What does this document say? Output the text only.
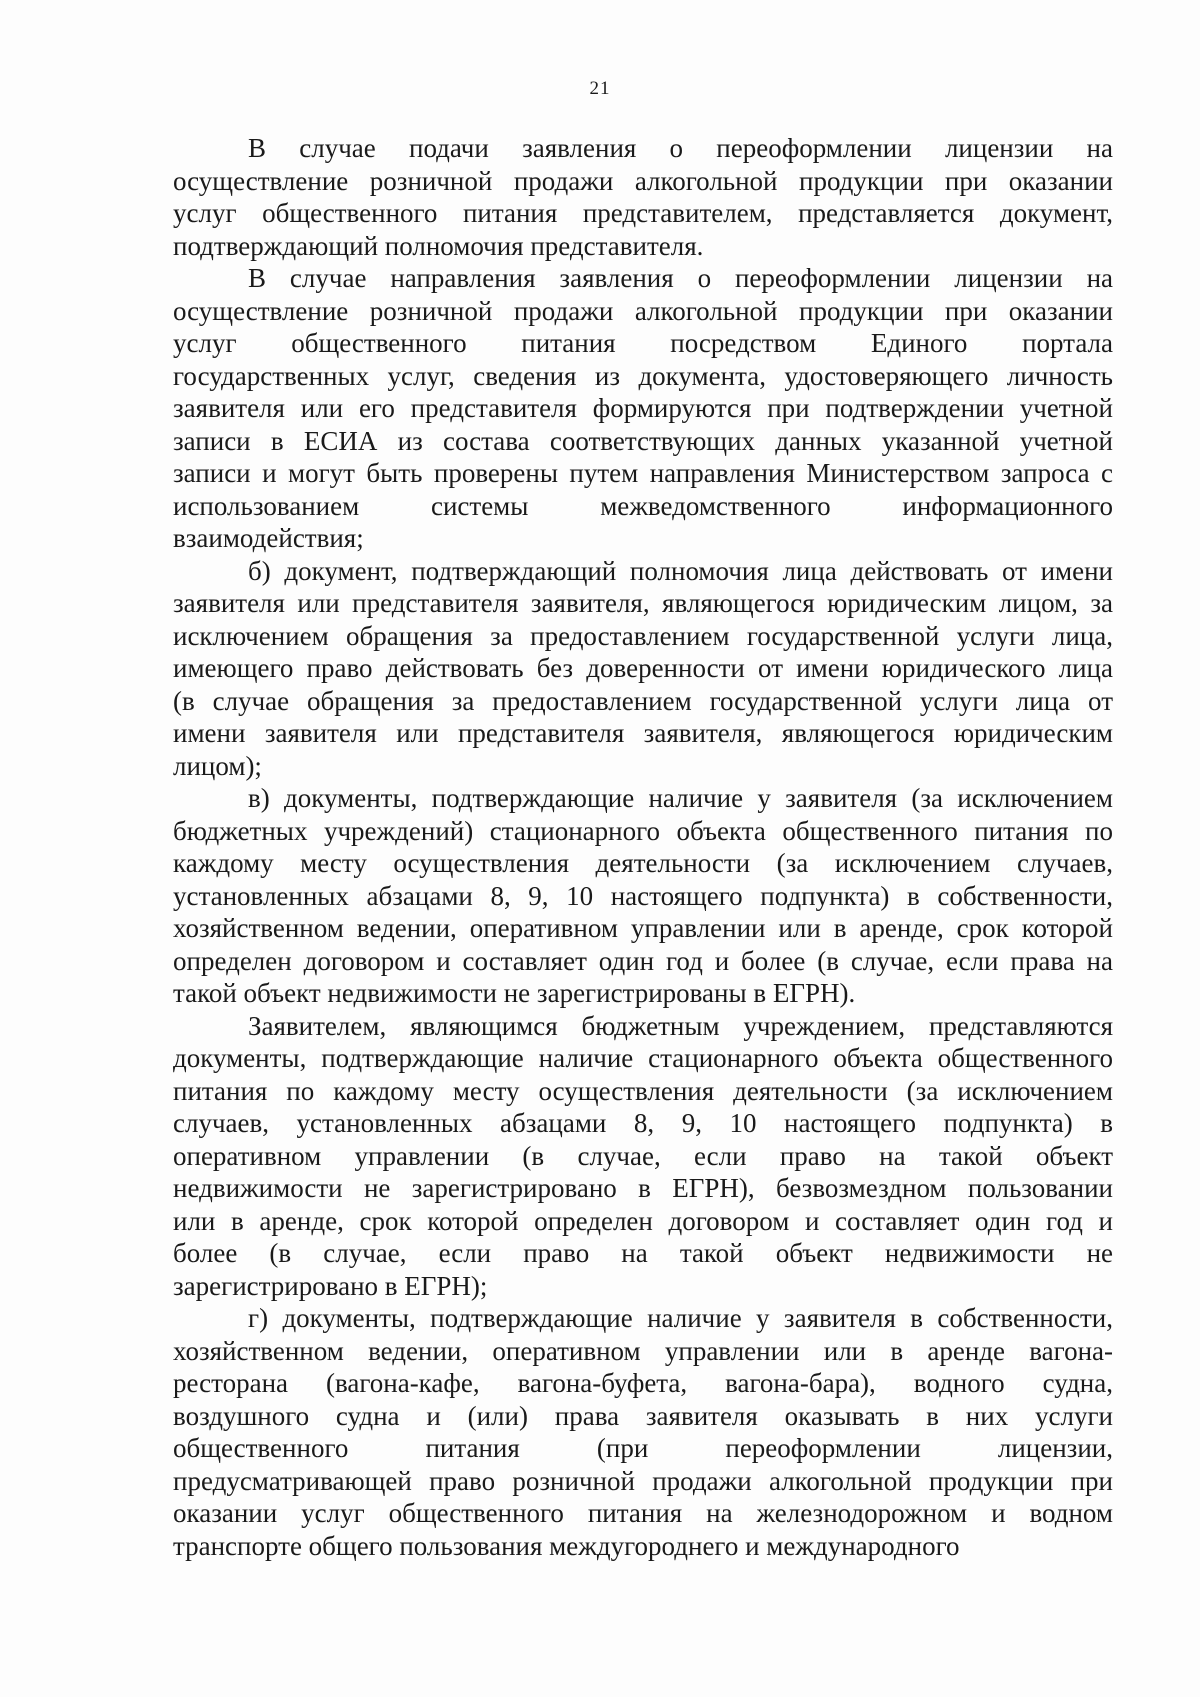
21
В случае подачи заявления о переоформлении лицензии на
осуществление розничной продажи алкогольной продукции при оказании
услуг общественного питания представителем, представляется документ,
подтверждающий полномочия представителя.
В случае направления заявления о переоформлении лицензии на
осуществление розничной продажи алкогольной продукции при оказании
услуг общественного питания посредством Единого портала
государственных услуг, сведения из документа, удостоверяющего личность
заявителя или его представителя формируются при подтверждении учетной
записи в ЕСИА из состава соответствующих данных указанной учетной
записи и могут быть проверены путем направления Министерством запроса с
использованием системы межведомственного информационного
взаимодействия;
б) документ, подтверждающий полномочия лица действовать от имени
заявителя или представителя заявителя, являющегося юридическим лицом, за
исключением обращения за предоставлением государственной услуги лица,
имеющего право действовать без доверенности от имени юридического лица
(в случае обращения за предоставлением государственной услуги лица от
имени заявителя или представителя заявителя, являющегося юридическим
лицом);
в) документы, подтверждающие наличие у заявителя (за исключением
бюджетных учреждений) стационарного объекта общественного питания по
каждому месту осуществления деятельности (за исключением случаев,
установленных абзацами 8, 9, 10 настоящего подпункта) в собственности,
хозяйственном ведении, оперативном управлении или в аренде, срок которой
определен договором и составляет один год и более (в случае, если права на
такой объект недвижимости не зарегистрированы в ЕГРН).
Заявителем, являющимся бюджетным учреждением, представляются
документы, подтверждающие наличие стационарного объекта общественного
питания по каждому месту осуществления деятельности (за исключением
случаев, установленных абзацами 8, 9, 10 настоящего подпункта) в
оперативном управлении (в случае, если право на такой объект
недвижимости не зарегистрировано в ЕГРН), безвозмездном пользовании
или в аренде, срок которой определен договором и составляет один год и
более (в случае, если право на такой объект недвижимости не
зарегистрировано в ЕГРН);
г) документы, подтверждающие наличие у заявителя в собственности,
хозяйственном ведении, оперативном управлении или в аренде вагона-
ресторана (вагона-кафе, вагона-буфета, вагона-бара), водного судна,
воздушного судна и (или) права заявителя оказывать в них услуги
общественного питания (при переоформлении лицензии,
предусматривающей право розничной продажи алкогольной продукции при
оказании услуг общественного питания на железнодорожном и водном
транспорте общего пользования междугороднего и международного
